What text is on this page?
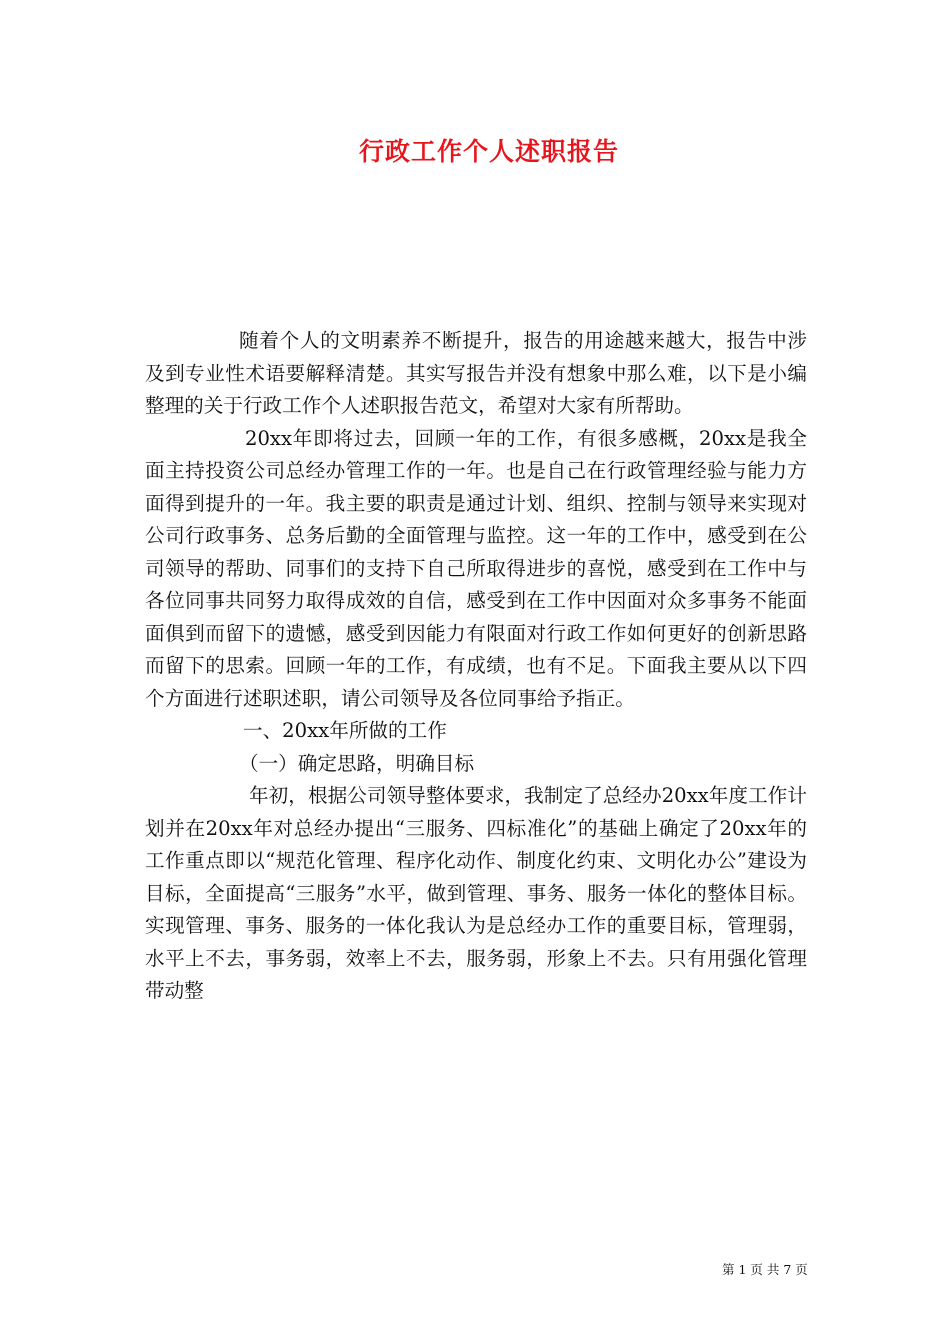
行政工作个人述职报告

随着个人的文明素养不断提升，报告的用途越来越大，报告中涉及到专业性术语要解释清楚。其实写报告并没有想象中那么难，以下是小编整理的关于行政工作个人述职报告范文，希望对大家有所帮助。

20xx年即将过去，回顾一年的工作，有很多感概，20xx是我全面主持投资公司总经办管理工作的一年。也是自己在行政管理经验与能力方面得到提升的一年。我主要的职责是通过计划、组织、控制与领导来实现对公司行政事务、总务后勤的全面管理与监控。这一年的工作中，感受到在公司领导的帮助、同事们的支持下自己所取得进步的喜悦，感受到在工作中与各位同事共同努力取得成效的自信，感受到在工作中因面对众多事务不能面面俱到而留下的遗憾，感受到因能力有限面对行政工作如何更好的创新思路而留下的思索。回顾一年的工作，有成绩，也有不足。下面我主要从以下四个方面进行述职述职，请公司领导及各位同事给予指正。

一、20xx年所做的工作

（一）确定思路，明确目标

年初，根据公司领导整体要求，我制定了总经办20xx年度工作计划并在20xx年对总经办提出“三服务、四标准化”的基础上确定了20xx年的工作重点即以“规范化管理、程序化动作、制度化约束、文明化办公”建设为目标，全面提高“三服务”水平，做到管理、事务、服务一体化的整体目标。实现管理、事务、服务的一体化我认为是总经办工作的重要目标，管理弱，水平上不去，事务弱，效率上不去，服务弱，形象上不去。只有用强化管理带动整

第 1 页 共 7 页
